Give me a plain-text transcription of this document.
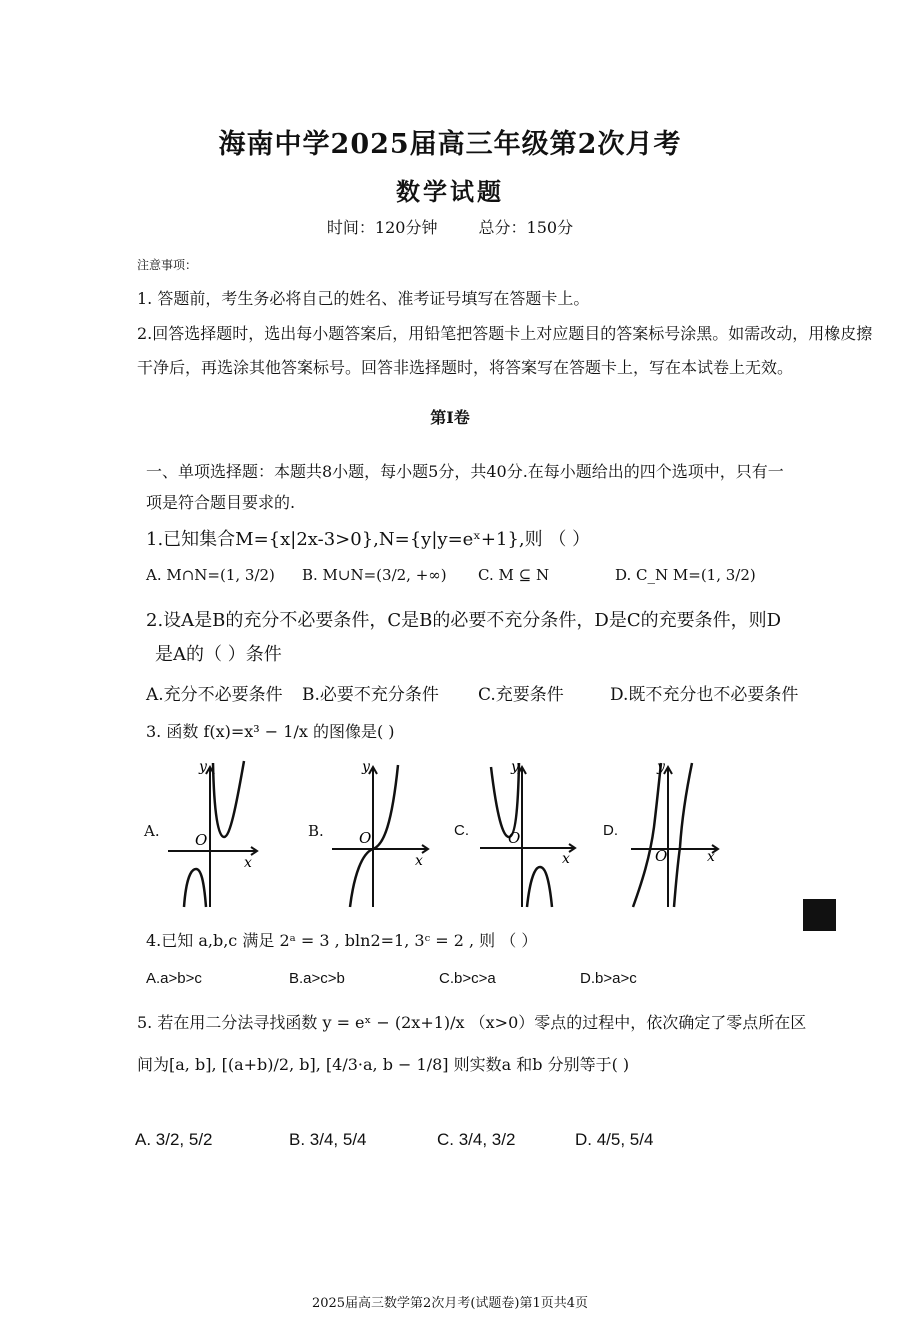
海南中学2025届高三年级第2次月考
数学试题
时间：120分钟	总分：150分
注意事项：
1. 答题前，考生务必将自己的姓名、准考证号填写在答题卡上。
2.回答选择题时，选出每小题答案后，用铅笔把答题卡上对应题目的答案标号涂黑。如需改动，用橡皮擦
干净后，再选涂其他答案标号。回答非选择题时，将答案写在答题卡上，写在本试卷上无效。
第Ⅰ卷
一、单项选择题：本题共8小题，每小题5分，共40分.在每小题给出的四个选项中，只有一
项是符合题目要求的.
1.已知集合M={x|2x-3>0},N={y|y=eˣ+1},则 （ ）
A. M∩N=(1, 3/2) B. M∪N=(3/2, +∞) C. M ⊆ N	D. C_N M=(1, 3/2)
2.设A是B的充分不必要条件，C是B的必要不充分条件，D是C的充要条件，则D
是A的（ ）条件
A.充分不必要条件 B.必要不充分条件 C.充要条件	D.既不充分也不必要条件
3. 函数 f(x)=x³ − 1/x 的图像是( )
A.
y
O
x
B.
y
O
x
C.
y
O
x
D.
y
O	x
4.已知 a,b,c 满足 2ᵃ = 3 , bln2=1, 3ᶜ = 2 , 则 （ ）
A.a>b>c	B.a>c>b	C.b>c>a	D.b>a>c
5. 若在用二分法寻找函数 y = eˣ − (2x+1)/x （x>0）零点的过程中，依次确定了零点所在区
间为[a, b], [(a+b)/2, b], [4/3·a, b − 1/8] 则实数a 和b 分别等于( )
A. 3/2, 5/2	B. 3/4, 5/4	C. 3/4, 3/2	D. 4/5, 5/4
2025届高三数学第2次月考(试题卷)第1页共4页
